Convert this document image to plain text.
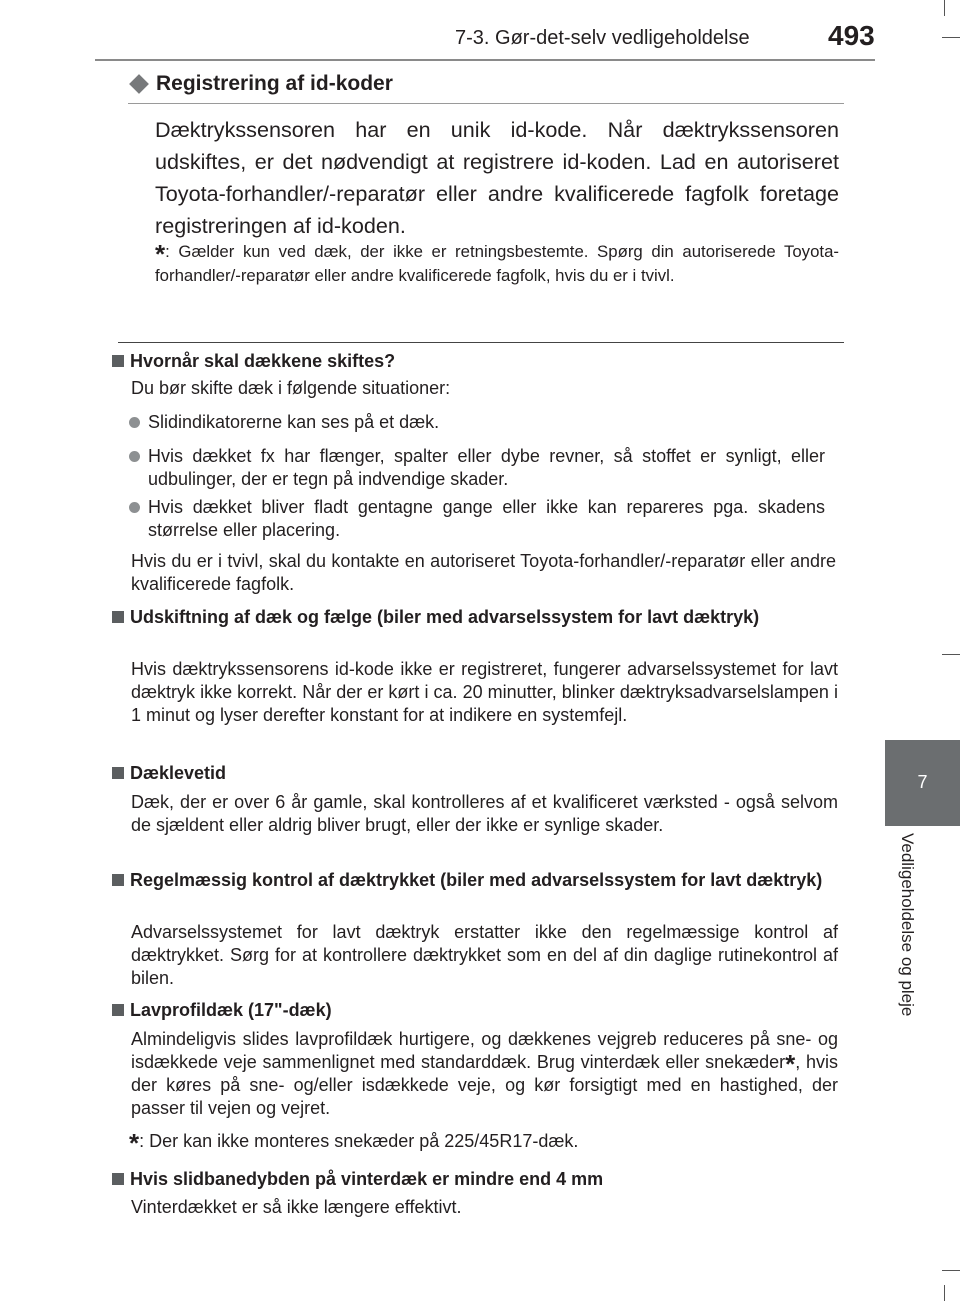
7-3. Gør-det-selv vedligeholdelse	493
7
Vedligeholdelse og pleje
Registrering af id-koder
Dæktrykssensoren har en unik id-kode. Når dæktrykssensoren udskiftes, er det nødvendigt at registrere id-koden. Lad en autoriseret Toyota-forhandler/-reparatør eller andre kvalificerede fagfolk foretage registreringen af id-koden.
*: Gælder kun ved dæk, der ikke er retningsbestemte. Spørg din autoriserede Toyota-forhandler/-reparatør eller andre kvalificerede fagfolk, hvis du er i tvivl.
Hvornår skal dækkene skiftes?
Du bør skifte dæk i følgende situationer:
Slidindikatorerne kan ses på et dæk.
Hvis dækket fx har flænger, spalter eller dybe revner, så stoffet er synligt, eller udbulinger, der er tegn på indvendige skader.
Hvis dækket bliver fladt gentagne gange eller ikke kan repareres pga. skadens størrelse eller placering.
Hvis du er i tvivl, skal du kontakte en autoriseret Toyota-forhandler/-reparatør eller andre kvalificerede fagfolk.
Udskiftning af dæk og fælge (biler med advarselssystem for lavt dæktryk)
Hvis dæktrykssensorens id-kode ikke er registreret, fungerer advarselssystemet for lavt dæktryk ikke korrekt. Når der er kørt i ca. 20 minutter, blinker dæktryksadvarselslampen i 1 minut og lyser derefter konstant for at indikere en systemfejl.
Dæklevetid
Dæk, der er over 6 år gamle, skal kontrolleres af et kvalificeret værksted - også selvom de sjældent eller aldrig bliver brugt, eller der ikke er synlige skader.
Regelmæssig kontrol af dæktrykket (biler med advarselssystem for lavt dæktryk)
Advarselssystemet for lavt dæktryk erstatter ikke den regelmæssige kontrol af dæktrykket. Sørg for at kontrollere dæktrykket som en del af din daglige rutinekontrol af bilen.
Lavprofildæk (17"-dæk)
Almindeligvis slides lavprofildæk hurtigere, og dækkenes vejgreb reduceres på sne- og isdækkede veje sammenlignet med standarddæk. Brug vinterdæk eller snekæder*, hvis der køres på sne- og/eller isdækkede veje, og kør forsigtigt med en hastighed, der passer til vejen og vejret.
*: Der kan ikke monteres snekæder på 225/45R17-dæk.
Hvis slidbanedybden på vinterdæk er mindre end 4 mm
Vinterdækket er så ikke længere effektivt.
